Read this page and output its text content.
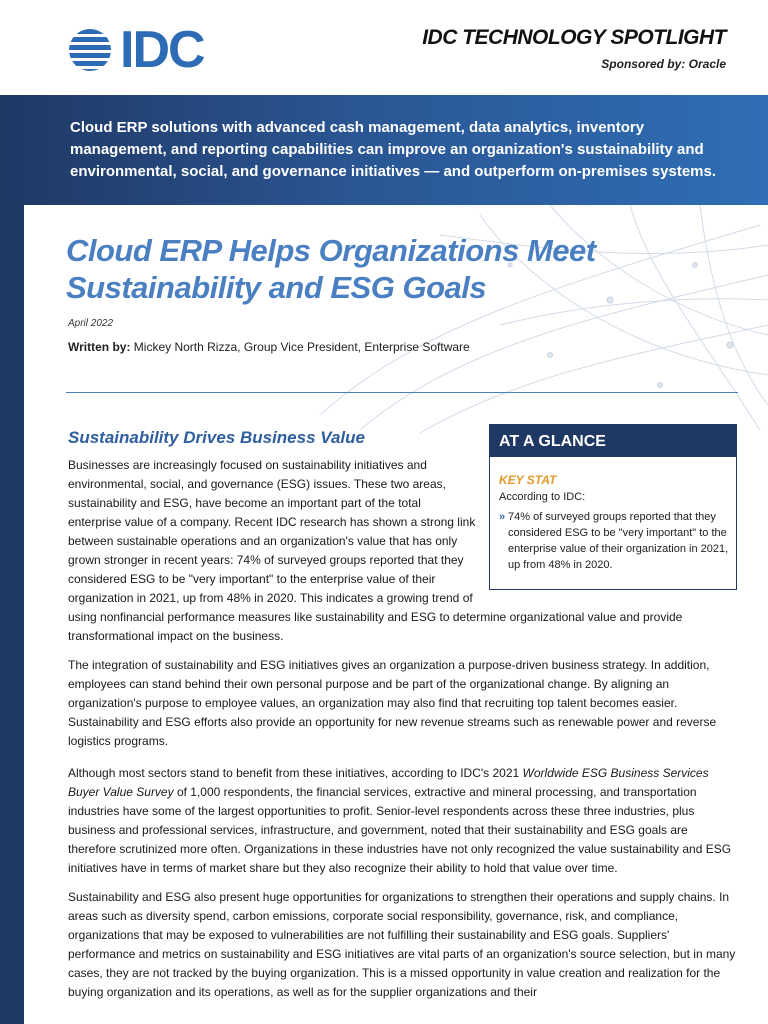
IDC	IDC TECHNOLOGY SPOTLIGHT
Sponsored by: Oracle
Cloud ERP solutions with advanced cash management, data analytics, inventory management, and reporting capabilities can improve an organization's sustainability and environmental, social, and governance initiatives — and outperform on-premises systems.
Cloud ERP Helps Organizations Meet Sustainability and ESG Goals
April 2022
Written by: Mickey North Rizza, Group Vice President, Enterprise Software
Sustainability Drives Business Value	AT A GLANCE
KEY STAT
According to IDC:
» 74% of surveyed groups reported that they considered ESG to be "very important" to the enterprise value of their organization in 2021, up from 48% in 2020.
Businesses are increasingly focused on sustainability initiatives and environmental, social, and governance (ESG) issues. These two areas, sustainability and ESG, have become an important part of the total enterprise value of a company. Recent IDC research has shown a strong link between sustainable operations and an organization's value that has only grown stronger in recent years: 74% of surveyed groups reported that they considered ESG to be "very important" to the enterprise value of their organization in 2021, up from 48% in 2020. This indicates a growing trend of
using nonfinancial performance measures like sustainability and ESG to determine organizational value and provide transformational impact on the business.
The integration of sustainability and ESG initiatives gives an organization a purpose-driven business strategy. In addition, employees can stand behind their own personal purpose and be part of the organizational change. By aligning an organization's purpose to employee values, an organization may also find that recruiting top talent becomes easier. Sustainability and ESG efforts also provide an opportunity for new revenue streams such as renewable power and reverse logistics programs.
Although most sectors stand to benefit from these initiatives, according to IDC's 2021 Worldwide ESG Business Services Buyer Value Survey of 1,000 respondents, the financial services, extractive and mineral processing, and transportation industries have some of the largest opportunities to profit. Senior-level respondents across these three industries, plus business and professional services, infrastructure, and government, noted that their sustainability and ESG goals are therefore scrutinized more often. Organizations in these industries have not only recognized the value sustainability and ESG initiatives have in terms of market share but they also recognize their ability to hold that value over time.
Sustainability and ESG also present huge opportunities for organizations to strengthen their operations and supply chains. In areas such as diversity spend, carbon emissions, corporate social responsibility, governance, risk, and compliance, organizations that may be exposed to vulnerabilities are not fulfilling their sustainability and ESG goals. Suppliers' performance and metrics on sustainability and ESG initiatives are vital parts of an organization's source selection, but in many cases, they are not tracked by the buying organization. This is a missed opportunity in value creation and realization for the buying organization and its operations, as well as for the supplier organizations and their
